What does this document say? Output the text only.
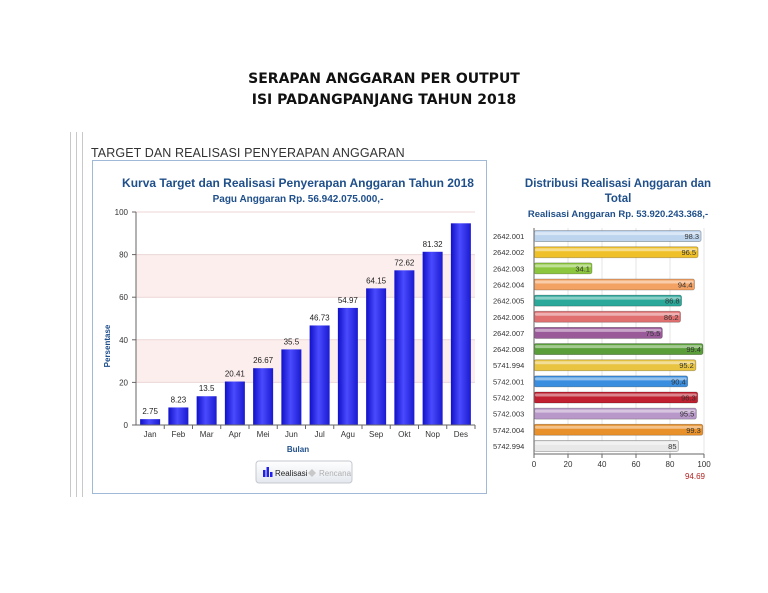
SERAPAN ANGGARAN PER OUTPUT
ISI PADANGPANJANG TAHUN 2018
TARGET DAN REALISASI PENYERAPAN ANGGARAN
Kurva Target dan Realisasi Penyerapan Anggaran Tahun 2018
Pagu Anggaran Rp. 56.942.075.000,-
Persentase
Bulan
0
20
40
60
80
100
2.75
8.23
13.5
20.41
26.67
35.5
46.73
54.97
64.15
72.62
81.32
Jan Feb Mar Apr Mei Jun Jul Agu Sep Okt Nop Des
Realisasi Rencana
Distribusi Realisasi Anggaran dan
Total
Realisasi Anggaran Rp. 53.920.243.368,-
2642.001
2642.002
2642.003
2642.004
2642.005
2642.006
2642.007
2642.008
5741.994
5742.001
5742.002
5742.003
5742.004
5742.994
98.3
96.5
34.1
94.4
86.8
86.2
75.5
99.4
95.2
90.4
96.3
95.5
99.3
85
0	20	40	60	80	100
94.69
